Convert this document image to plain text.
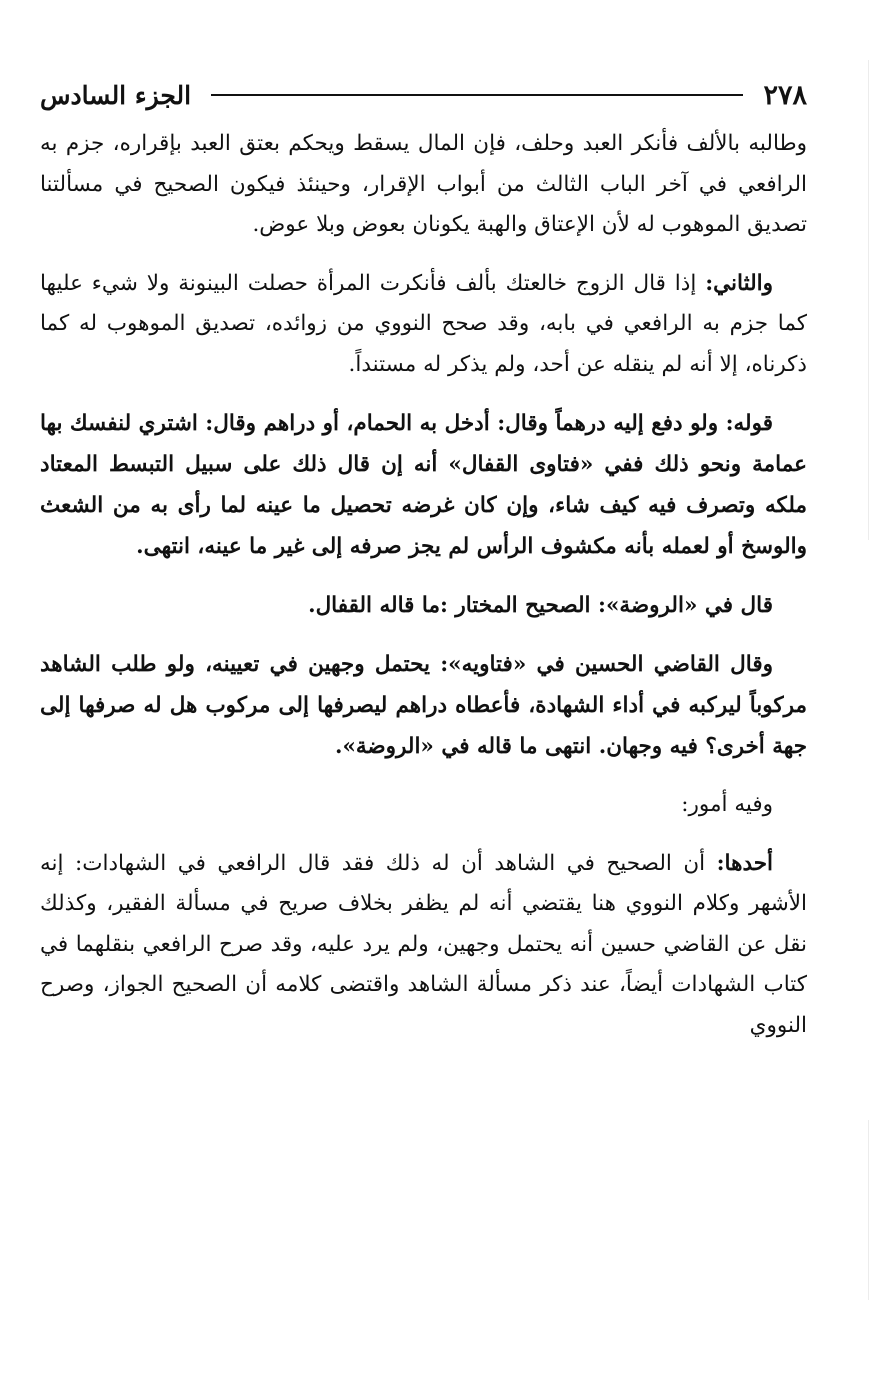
٢٧٨
الجزء السادس

وطالبه بالألف فأنكر العبد وحلف، فإن المال يسقط ويحكم بعتق العبد بإقراره، جزم به الرافعي في آخر الباب الثالث من أبواب الإقرار، وحينئذ فيكون الصحيح في مسألتنا تصديق الموهوب له لأن الإعتاق والهبة يكونان بعوض وبلا عوض.

والثاني: إذا قال الزوج خالعتك بألف فأنكرت المرأة حصلت البينونة ولا شيء عليها كما جزم به الرافعي في بابه، وقد صحح النووي من زوائده، تصديق الموهوب له كما ذكرناه، إلا أنه لم ينقله عن أحد، ولم يذكر له مستنداً.

قوله: ولو دفع إليه درهماً وقال: أدخل به الحمام، أو دراهم وقال: اشتري لنفسك بها عمامة ونحو ذلك ففي «فتاوى القفال» أنه إن قال ذلك على سبيل التبسط المعتاد ملكه وتصرف فيه كيف شاء، وإن كان غرضه تحصيل ما عينه لما رأى به من الشعث والوسخ أو لعمله بأنه مكشوف الرأس لم يجز صرفه إلى غير ما عينه، انتهى.

قال في «الروضة»: الصحيح المختار :ما قاله القفال.

وقال القاضي الحسين في «فتاويه»: يحتمل وجهين في تعيينه، ولو طلب الشاهد مركوباً ليركبه في أداء الشهادة، فأعطاه دراهم ليصرفها إلى مركوب هل له صرفها إلى جهة أخرى؟ فيه وجهان. انتهى ما قاله في «الروضة».

وفيه أمور:

أحدها: أن الصحيح في الشاهد أن له ذلك فقد قال الرافعي في الشهادات: إنه الأشهر وكلام النووي هنا يقتضي أنه لم يظفر بخلاف صريح في مسألة الفقير، وكذلك نقل عن القاضي حسين أنه يحتمل وجهين، ولم يرد عليه، وقد صرح الرافعي بنقلهما في كتاب الشهادات أيضاً، عند ذكر مسألة الشاهد واقتضى كلامه أن الصحيح الجواز، وصرح النووي
